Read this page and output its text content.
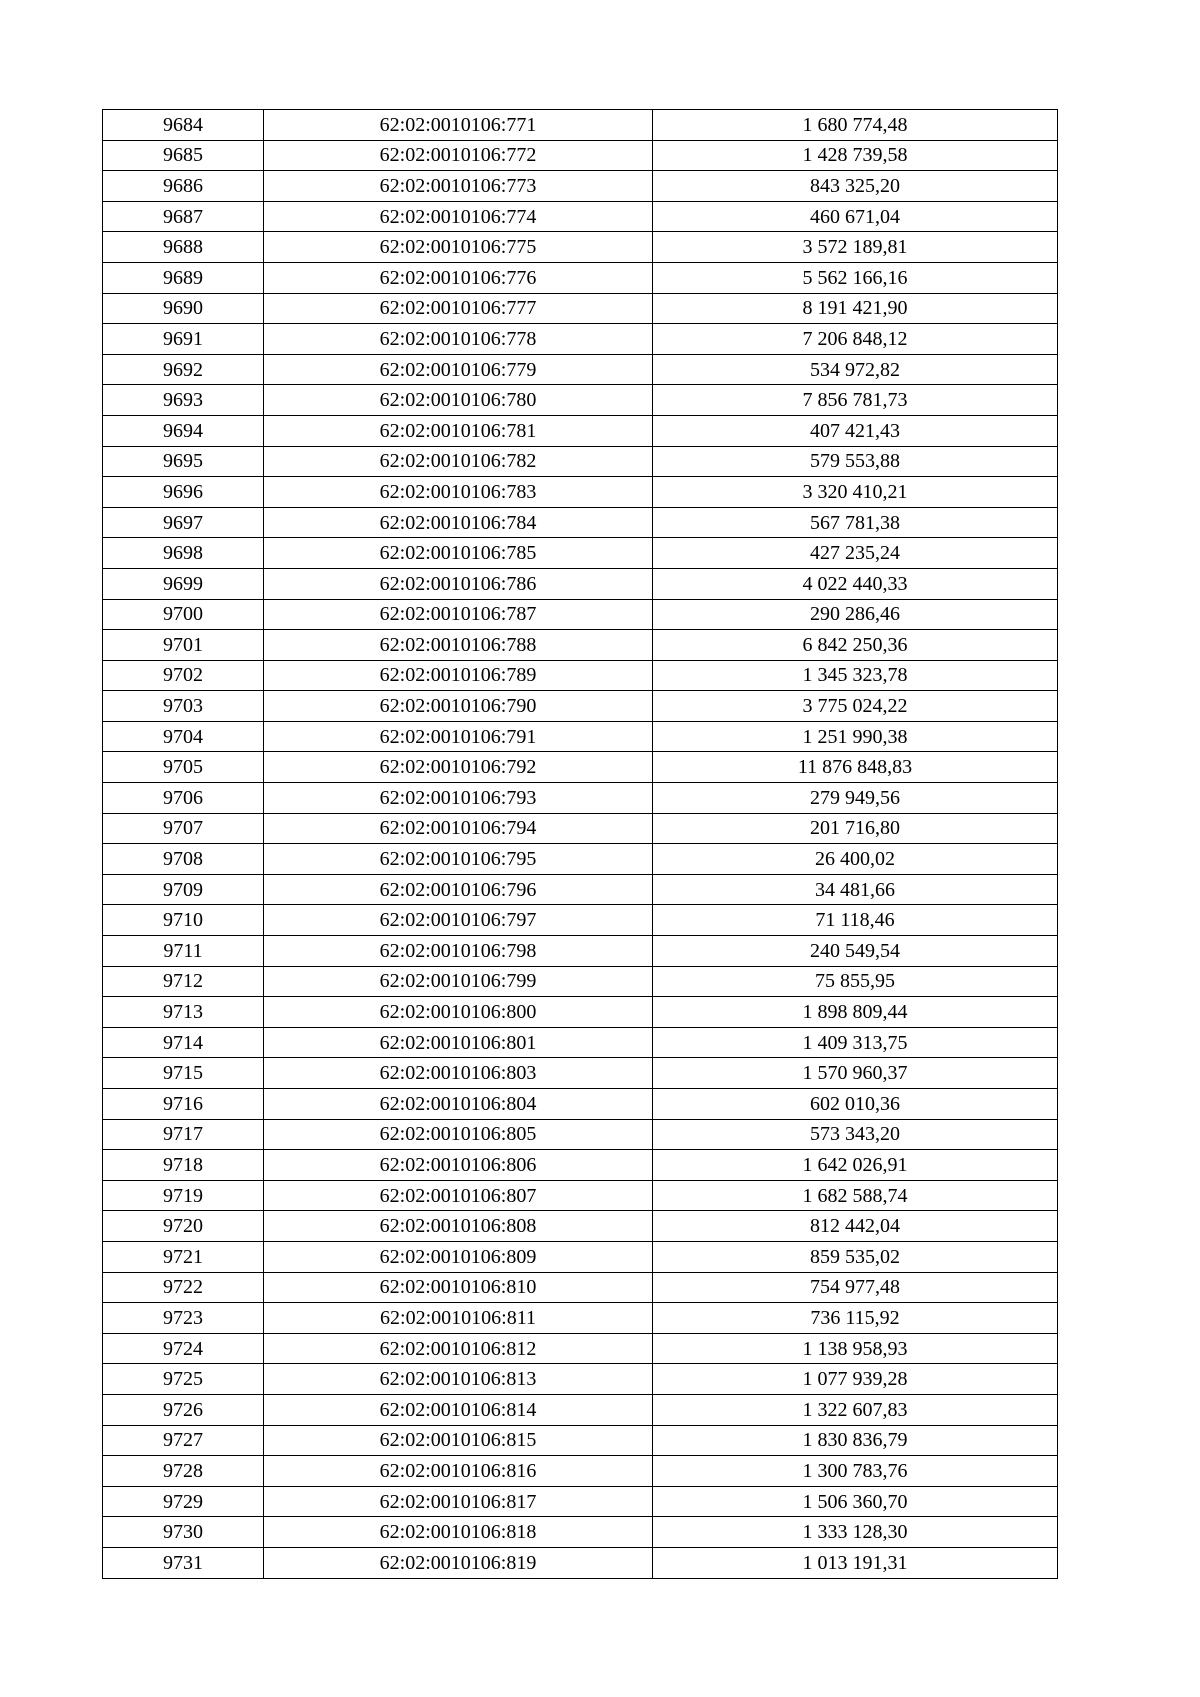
9684	62:02:0010106:771	1 680 774,48
9685	62:02:0010106:772	1 428 739,58
9686	62:02:0010106:773	843 325,20
9687	62:02:0010106:774	460 671,04
9688	62:02:0010106:775	3 572 189,81
9689	62:02:0010106:776	5 562 166,16
9690	62:02:0010106:777	8 191 421,90
9691	62:02:0010106:778	7 206 848,12
9692	62:02:0010106:779	534 972,82
9693	62:02:0010106:780	7 856 781,73
9694	62:02:0010106:781	407 421,43
9695	62:02:0010106:782	579 553,88
9696	62:02:0010106:783	3 320 410,21
9697	62:02:0010106:784	567 781,38
9698	62:02:0010106:785	427 235,24
9699	62:02:0010106:786	4 022 440,33
9700	62:02:0010106:787	290 286,46
9701	62:02:0010106:788	6 842 250,36
9702	62:02:0010106:789	1 345 323,78
9703	62:02:0010106:790	3 775 024,22
9704	62:02:0010106:791	1 251 990,38
9705	62:02:0010106:792	11 876 848,83
9706	62:02:0010106:793	279 949,56
9707	62:02:0010106:794	201 716,80
9708	62:02:0010106:795	26 400,02
9709	62:02:0010106:796	34 481,66
9710	62:02:0010106:797	71 118,46
9711	62:02:0010106:798	240 549,54
9712	62:02:0010106:799	75 855,95
9713	62:02:0010106:800	1 898 809,44
9714	62:02:0010106:801	1 409 313,75
9715	62:02:0010106:803	1 570 960,37
9716	62:02:0010106:804	602 010,36
9717	62:02:0010106:805	573 343,20
9718	62:02:0010106:806	1 642 026,91
9719	62:02:0010106:807	1 682 588,74
9720	62:02:0010106:808	812 442,04
9721	62:02:0010106:809	859 535,02
9722	62:02:0010106:810	754 977,48
9723	62:02:0010106:811	736 115,92
9724	62:02:0010106:812	1 138 958,93
9725	62:02:0010106:813	1 077 939,28
9726	62:02:0010106:814	1 322 607,83
9727	62:02:0010106:815	1 830 836,79
9728	62:02:0010106:816	1 300 783,76
9729	62:02:0010106:817	1 506 360,70
9730	62:02:0010106:818	1 333 128,30
9731	62:02:0010106:819	1 013 191,31
